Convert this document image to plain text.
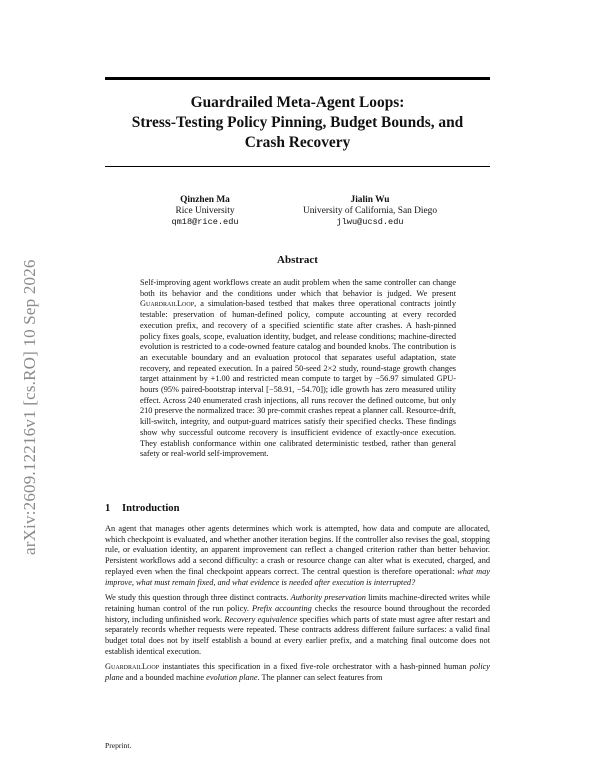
arXiv:2609.12216v1 [cs.RO] 10 Sep 2026
Guardrailed Meta-Agent Loops:
Stress-Testing Policy Pinning, Budget Bounds, and
Crash Recovery
Qinzhen Ma
Rice University
qm18@rice.edu
Jialin Wu
University of California, San Diego
jlwu@ucsd.edu
Abstract
Self-improving agent workflows create an audit problem when the same controller can change both its behavior and the conditions under which that behavior is judged. We present GuardrailLoop, a simulation-based testbed that makes three operational contracts jointly testable: preservation of human-defined policy, compute accounting at every recorded execution prefix, and recovery of a specified scientific state after crashes. A hash-pinned policy fixes goals, scope, evaluation identity, budget, and release conditions; machine-directed evolution is restricted to a code-owned feature catalog and bounded knobs. The contribution is an executable boundary and an evaluation protocol that separates useful adaptation, state recovery, and repeated execution. In a paired 50-seed 2×2 study, round-stage growth changes target attainment by +1.00 and restricted mean compute to target by −56.97 simulated GPU-hours (95% paired-bootstrap interval [−58.91, −54.70]); idle growth has zero measured utility effect. Across 240 enumerated crash injections, all runs recover the defined outcome, but only 210 preserve the normalized trace: 30 pre-commit crashes repeat a planner call. Resource-drift, kill-switch, integrity, and output-guard matrices satisfy their specified checks. These findings show why successful outcome recovery is insufficient evidence of exactly-once execution. They establish conformance within one calibrated deterministic testbed, rather than general safety or real-world self-improvement.
1 Introduction

An agent that manages other agents determines which work is attempted, how data and compute are allocated, which checkpoint is evaluated, and whether another iteration begins. If the controller also revises the goal, stopping rule, or evaluation identity, an apparent improvement can reflect a changed criterion rather than better behavior. Persistent workflows add a second difficulty: a crash or resource change can alter what is executed, charged, and replayed even when the final checkpoint appears correct. The central question is therefore operational: what may improve, what must remain fixed, and what evidence is needed after execution is interrupted?

We study this question through three distinct contracts. Authority preservation limits machine-directed writes while retaining human control of the run policy. Prefix accounting checks the resource bound throughout the recorded history, including unfinished work. Recovery equivalence specifies which parts of state must agree after restart and separately records whether requests were repeated. These contracts address different failure surfaces: a valid final budget total does not by itself establish a bound at every earlier prefix, and a matching final outcome does not establish identical execution.

GuardrailLoop instantiates this specification in a fixed five-role orchestrator with a hash-pinned human policy plane and a bounded machine evolution plane. The planner can select features from

Preprint.
